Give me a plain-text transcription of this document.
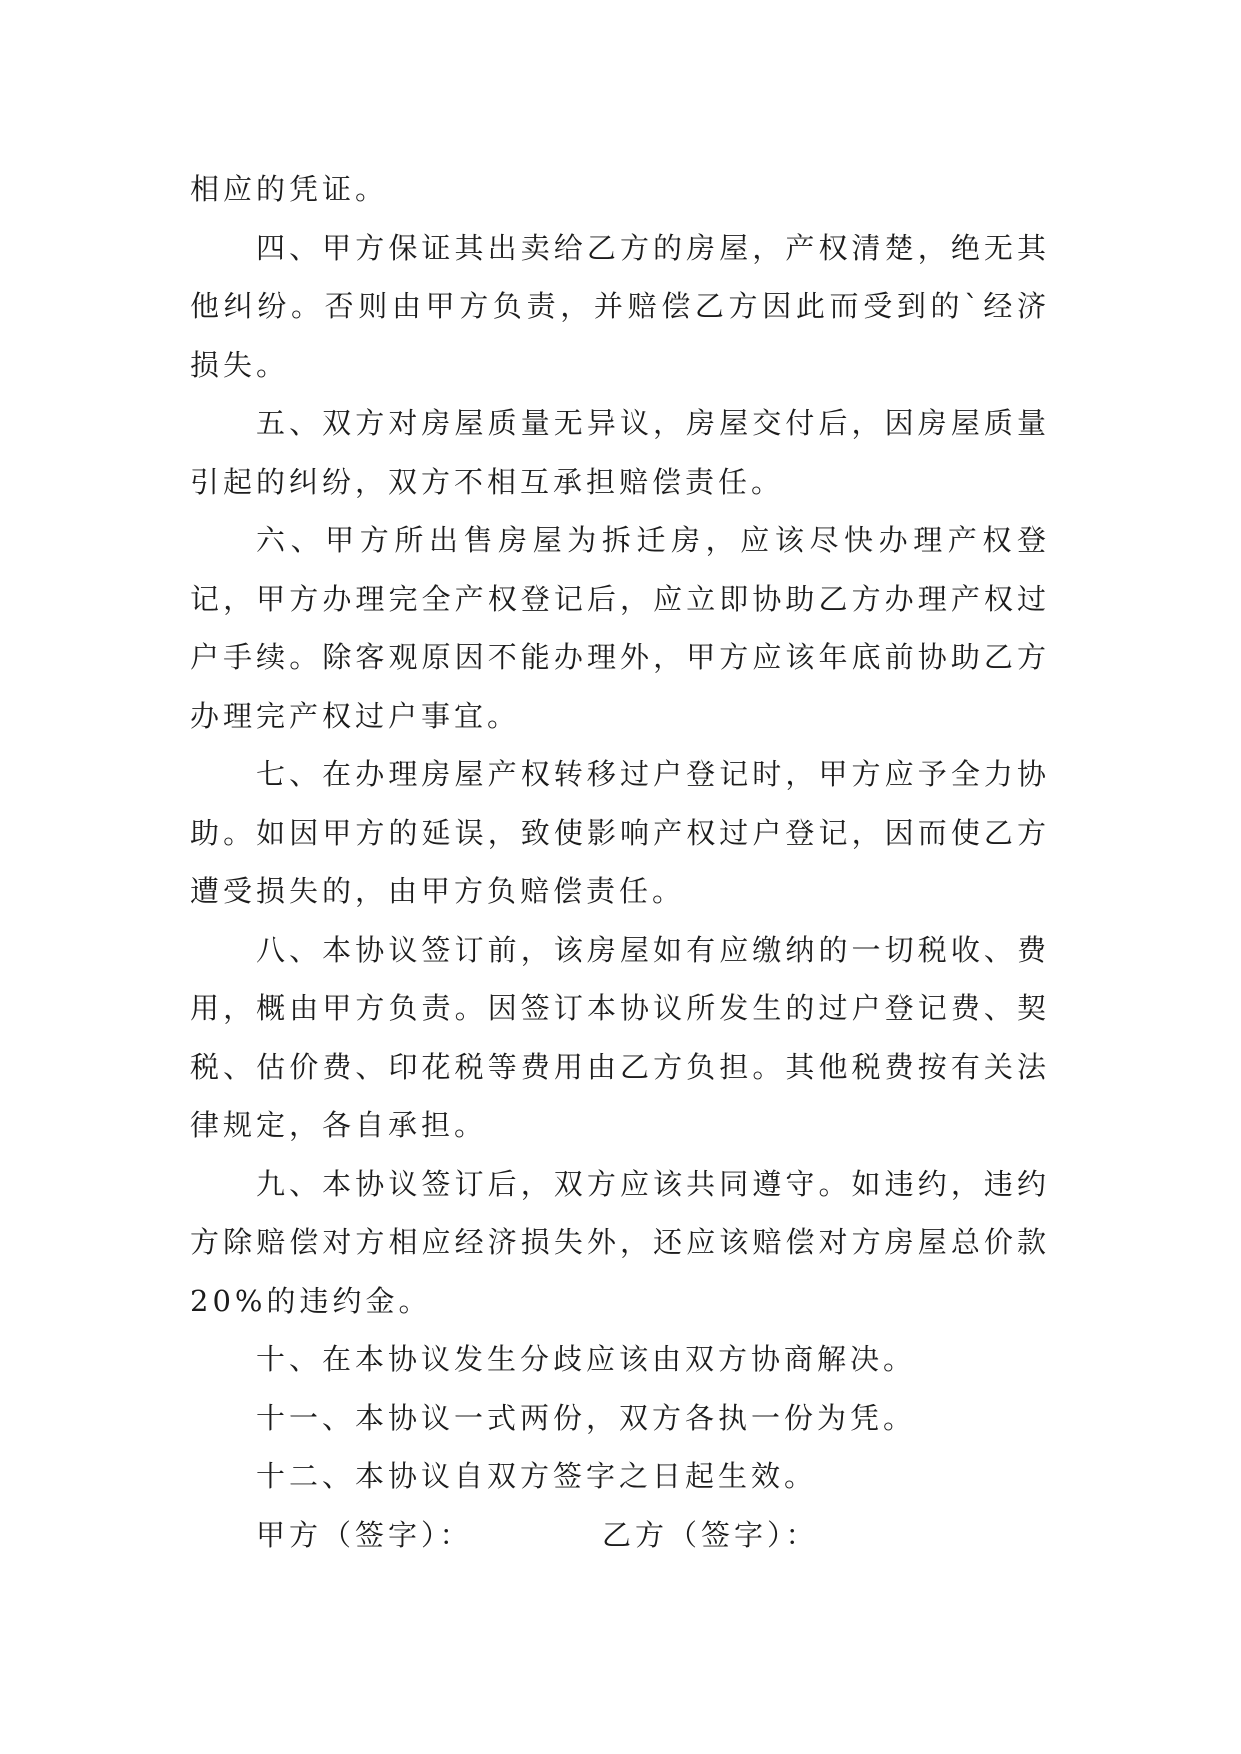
相应的凭证。

四、甲方保证其出卖给乙方的房屋，产权清楚，绝无其他纠纷。否则由甲方负责，并赔偿乙方因此而受到的`经济损失。

五、双方对房屋质量无异议，房屋交付后，因房屋质量引起的纠纷，双方不相互承担赔偿责任。

六、甲方所出售房屋为拆迁房，应该尽快办理产权登记，甲方办理完全产权登记后，应立即协助乙方办理产权过户手续。除客观原因不能办理外，甲方应该年底前协助乙方办理完产权过户事宜。

七、在办理房屋产权转移过户登记时，甲方应予全力协助。如因甲方的延误，致使影响产权过户登记，因而使乙方遭受损失的，由甲方负赔偿责任。

八、本协议签订前，该房屋如有应缴纳的一切税收、费用，概由甲方负责。因签订本协议所发生的过户登记费、契税、估价费、印花税等费用由乙方负担。其他税费按有关法律规定，各自承担。

九、本协议签订后，双方应该共同遵守。如违约，违约方除赔偿对方相应经济损失外，还应该赔偿对方房屋总价款20%的违约金。

十、在本协议发生分歧应该由双方协商解决。

十一、本协议一式两份，双方各执一份为凭。

十二、本协议自双方签字之日起生效。

甲方（签字）：	乙方（签字）：
